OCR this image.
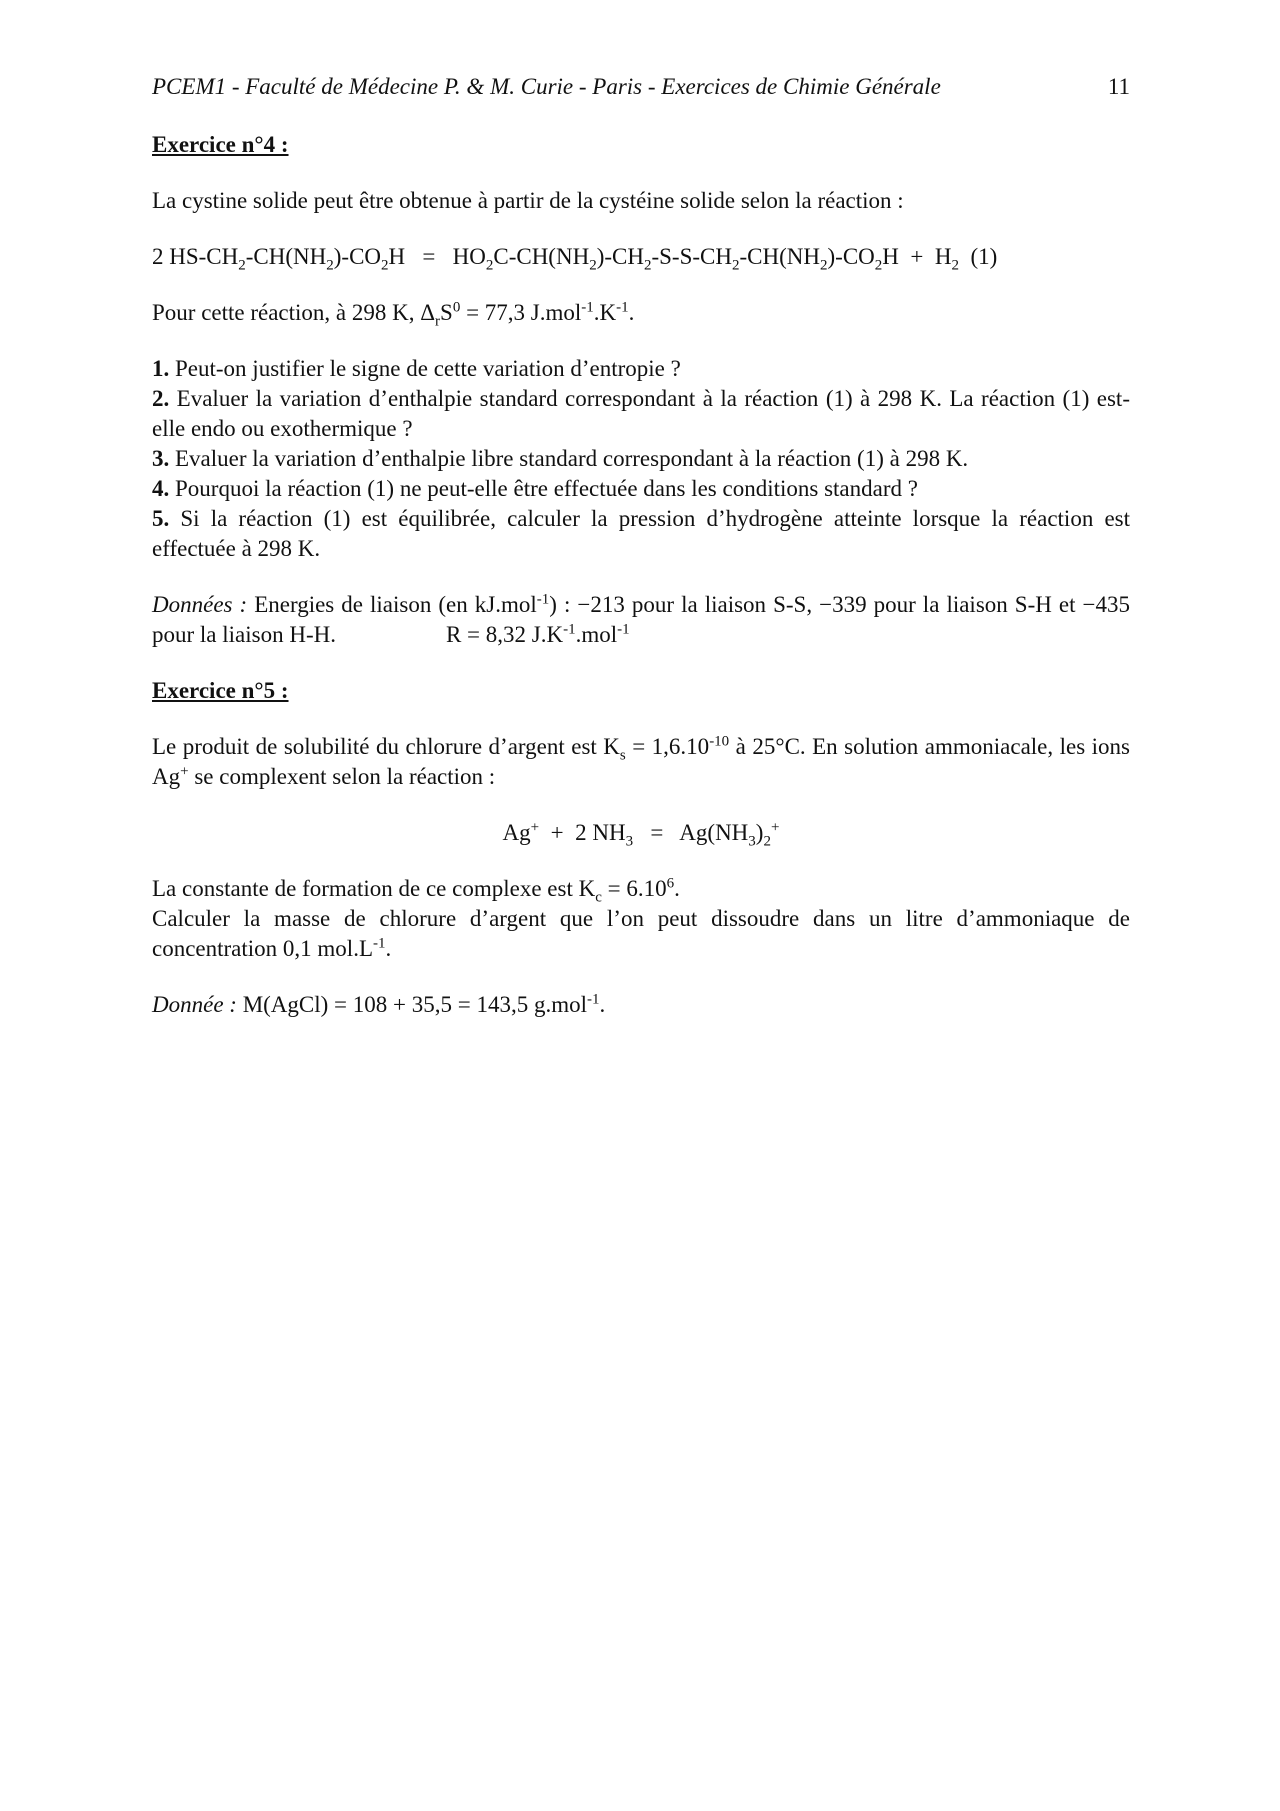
PCEM1 - Faculté de Médecine P. & M. Curie - Paris - Exercices de Chimie Générale	11
Exercice n°4 :

La cystine solide peut être obtenue à partir de la cystéine solide selon la réaction :

2 $HS-CH_2-CH(NH_2)-CO_2H = HO_2C-CH(NH_2)-CH_2-S-S-CH_2-CH(NH_2)-CO_2H + H_2$  (1)

Pour cette réaction, à 298 K, $\Delta_rS^0 = 77,3$ $J.mol^{-1}.K^{-1}$.

1. Peut-on justifier le signe de cette variation d’entropie ?
2. Evaluer la variation d’enthalpie standard correspondant à la réaction (1) à 298 K. La réaction (1) est-elle endo ou exothermique ?
3. Evaluer la variation d’enthalpie libre standard correspondant à la réaction (1) à 298 K.
4. Pourquoi la réaction (1) ne peut-elle être effectuée dans les conditions standard ?
5. Si la réaction (1) est équilibrée, calculer la pression d’hydrogène atteinte lorsque la réaction est effectuée à 298 K.

Données : Energies de liaison (en kJ.mol$^{-1}$) : −213 pour la liaison S-S, −339 pour la liaison S-H et −435 pour la liaison H-H.	R = 8,32 $J.K^{-1}.mol^{-1}$

Exercice n°5 :

Le produit de solubilité du chlorure d’argent est $K_s = 1,6.10^{-10}$ à 25°C. En solution ammoniacale, les ions Ag+ se complexent selon la réaction :

Ag+  +  2 $NH_3 = Ag(NH_3)_2^+$

La constante de formation de ce complexe est $K_c = 6.10^6$.

Calculer la masse de chlorure d’argent que l’on peut dissoudre dans un litre d’ammoniaque de concentration 0,1 $mol.L^{-1}$.

Donnée : M(AgCl) = 108 + 35,5 = 143,5 g.mol$^{-1}$.
